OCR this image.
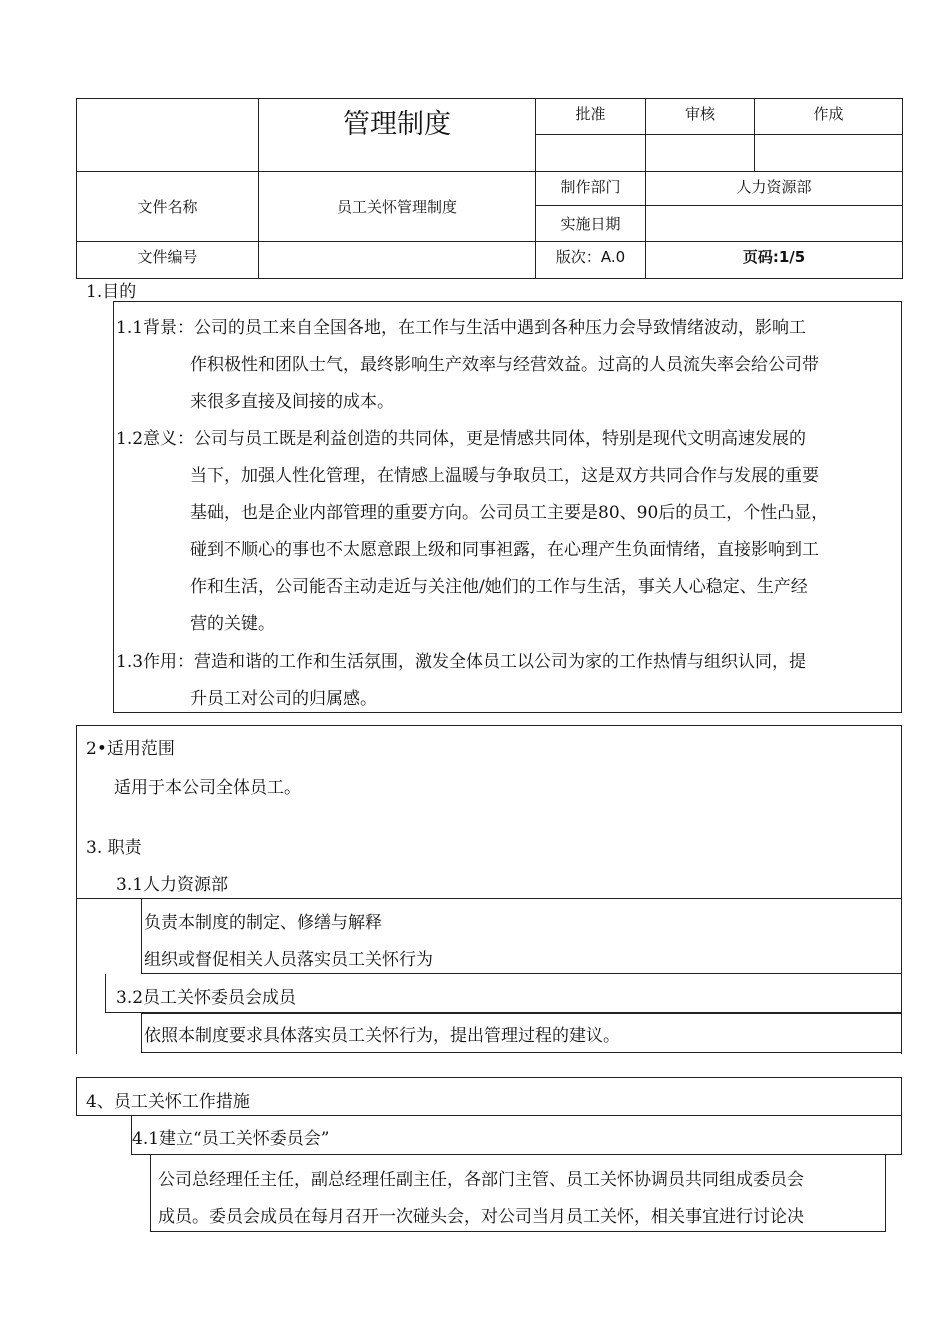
	管理制度	批准	审核	作成

文件名称	员工关怀管理制度	制作部门	人力资源部	
		实施日期		
文件编号		版次：A.0	页码:1/5	
1.目的
1.1背景：公司的员工来自全国各地，在工作与生活中遇到各种压力会导致情绪波动，影响工
作积极性和团队士气，最终影响生产效率与经营效益。过高的人员流失率会给公司带
来很多直接及间接的成本。
1.2意义：公司与员工既是利益创造的共同体，更是情感共同体，特别是现代文明高速发展的
当下，加强人性化管理，在情感上温暖与争取员工，这是双方共同合作与发展的重要
基础，也是企业内部管理的重要方向。公司员工主要是80、90后的员工，个性凸显，
碰到不顺心的事也不太愿意跟上级和同事袒露，在心理产生负面情绪，直接影响到工
作和生活，公司能否主动走近与关注他/她们的工作与生活，事关人心稳定、生产经
营的关键。
1.3作用：营造和谐的工作和生活氛围，激发全体员工以公司为家的工作热情与组织认同，提
升员工对公司的归属感。
2•适用范围
适用于本公司全体员工。
3. 职责
3.1人力资源部
负责本制度的制定、修缮与解释
组织或督促相关人员落实员工关怀行为
3.2员工关怀委员会成员
依照本制度要求具体落实员工关怀行为，提出管理过程的建议。
4、员工关怀工作措施
4.1建立“员工关怀委员会”
公司总经理任主任，副总经理任副主任，各部门主管、员工关怀协调员共同组成委员会
成员。委员会成员在每月召开一次碰头会，对公司当月员工关怀，相关事宜进行讨论决
